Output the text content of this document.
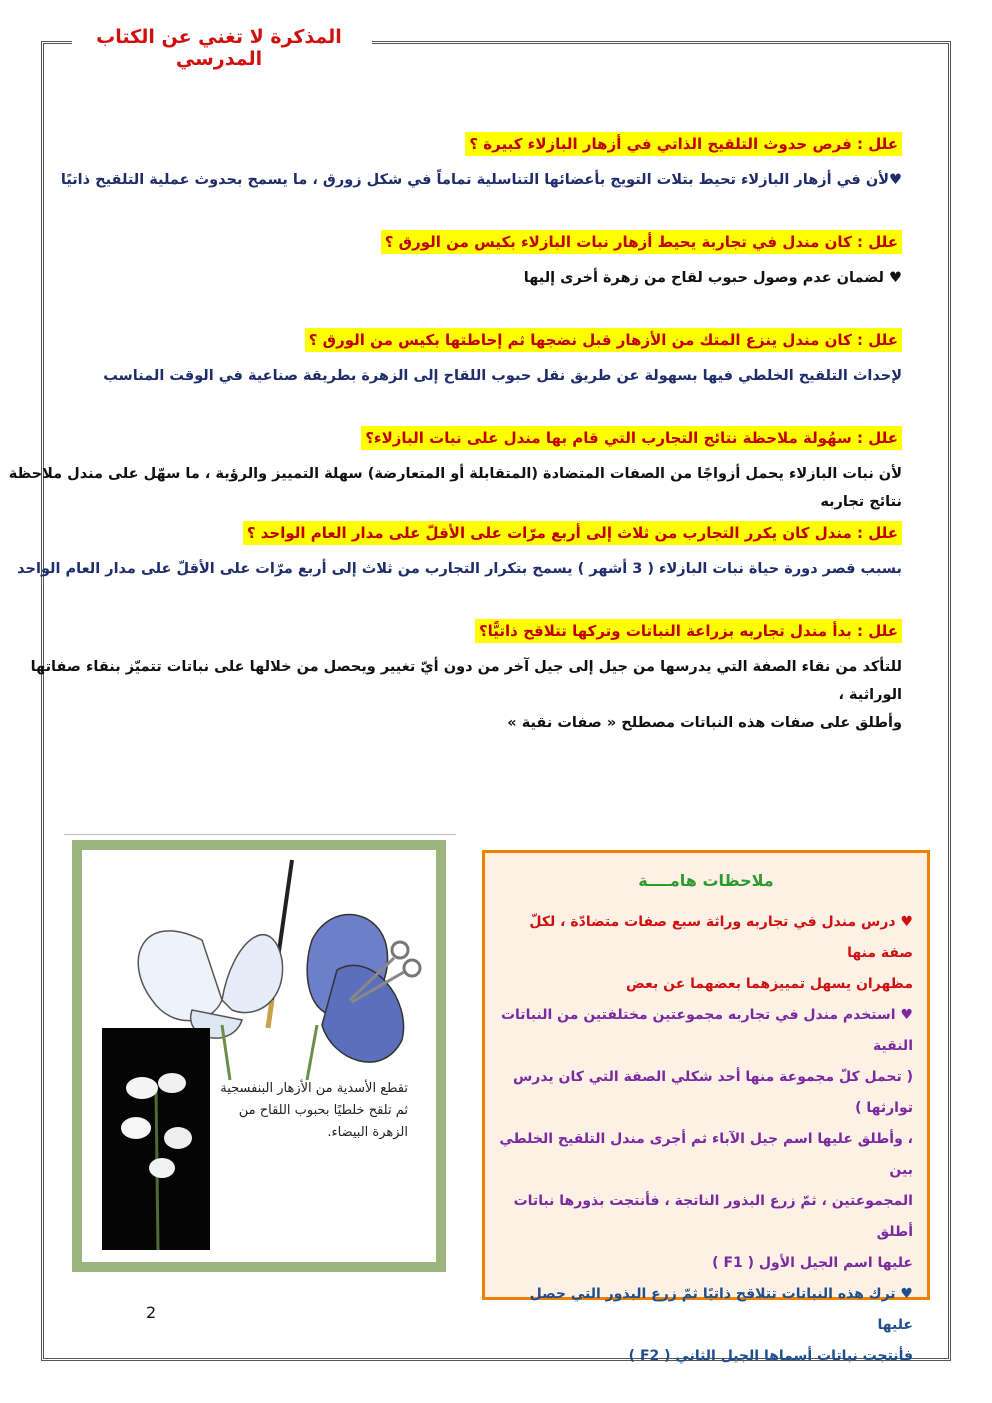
المذكرة لا تغني عن الكتاب المدرسي
علل : فرص حدوث التلقيح الذاتي في أزهار البازلاء كبيرة ؟
♥لأن في أزهار البازلاء تحيط بتلات التويج بأعضائها التناسلية تماماً في شكل زورق ، ما يسمح بحدوث عملية التلقيح ذاتيًا
علل : كان مندل في تجاربة يحيط أزهار نبات البازلاء بكيس من الورق ؟
♥ لضمان عدم وصول حبوب لقاح من زهرة أخرى إليها
علل : كان مندل ينزع المتك من الأزهار قبل نضجها ثم إحاطتها بكيس من الورق ؟
لإحداث التلقيح الخلطي فيها بسهولة عن طريق نقل حبوب اللقاح إلى الزهرة بطريقة صناعية في الوقت المناسب
علل : سهُولة ملاحظة نتائج التجارب التي قام بها مندل على نبات البازلاء؟
لأن نبات البازلاء يحمل أزواجًا من الصفات المتضادة (المتقابلة أو المتعارضة) سهلة التمييز والرؤية ، ما سهّل على مندل ملاحظة نتائج تجاربه
علل : مندل كان يكرر التجارب من ثلاث إلى أربع مرّات على الأقلّ على مدار العام الواحد ؟
بسبب قصر دورة حياة نبات البازلاء ( 3 أشهر ) يسمح بتكرار التجارب من ثلاث إلى أربع مرّات على الأقلّ على مدار العام الواحد
علل : بدأ مندل تجاربه بزراعة النباتات وتركها تتلاقح ذاتيًّا؟
للتأكد من نقاء الصفة التي يدرسها من جيل إلى جيل آخر من دون أيّ تغيير ويحصل من خلالها على نباتات تتميّز بنقاء صفاتها الوراثية ،
وأطلق على صفات هذه النباتات مصطلح « صفات نقية »
تقطع الأسدية من الأزهار البنفسجية ثم تلقح خلطيًا بحبوب اللقاح من الزهرة البيضاء.
ملاحظات هامــــة
♥ درس مندل في تجاربه وراثة سبع صفات متضادّة ، لكلّ صفة منها
مظهران يسهل تمييزهما بعضهما عن بعض
♥ استخدم مندل في تجاربه مجموعتين مختلفتين من النباتات النقية
( تحمل كلّ مجموعة منها أحد شكلي الصفة التي كان يدرس توارثها )
، وأطلق عليها اسم جيل الآباء ثم أجرى مندل التلقيح الخلطي بين
المجموعتين ، ثمّ زرع البذور الناتجة ، فأنتجت بذورها نباتات أطلق
عليها اسم الجيل الأول ( F1 )
♥ ترك هذه النباتات تتلاقح ذاتيًا ثمّ زرع البذور التي حصل عليها
فأنتجت نباتات أسماها الجيل الثاني ( F2 )
2
